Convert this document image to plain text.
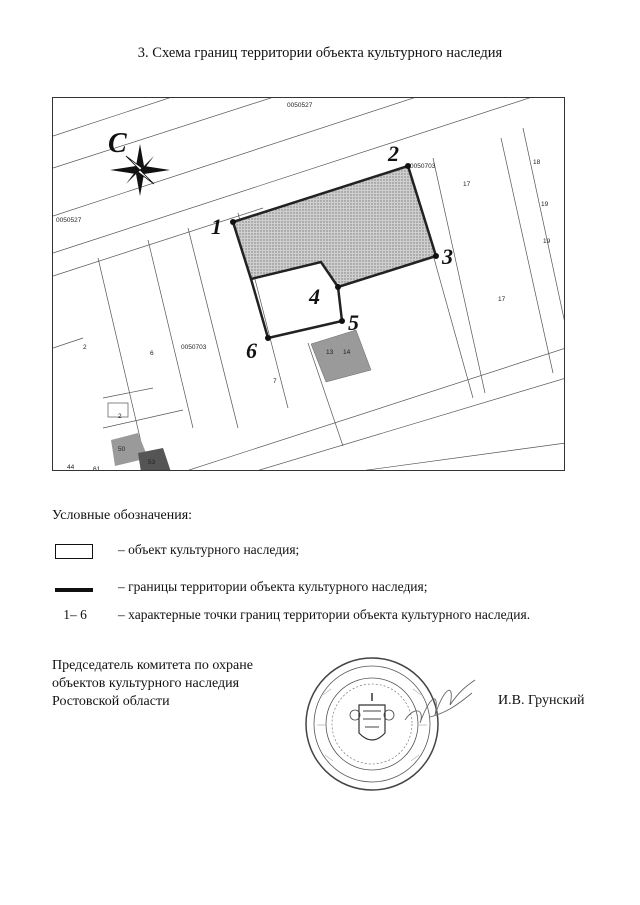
3. Схема границ территории объекта культурного наследия
С
0050527
0050527
0050703
0050703
17
18
19
19
17
2
6
7
13 14
2
50
53
44	61
1
2
3
4
5
6
Условные обозначения:
– объект культурного наследия;
– границы территории объекта культурного наследия;
1– 6	– характерные точки границ территории объекта культурного наследия.
Председатель комитета по охране
объектов культурного наследия
Ростовской области	И.В. Грунский
